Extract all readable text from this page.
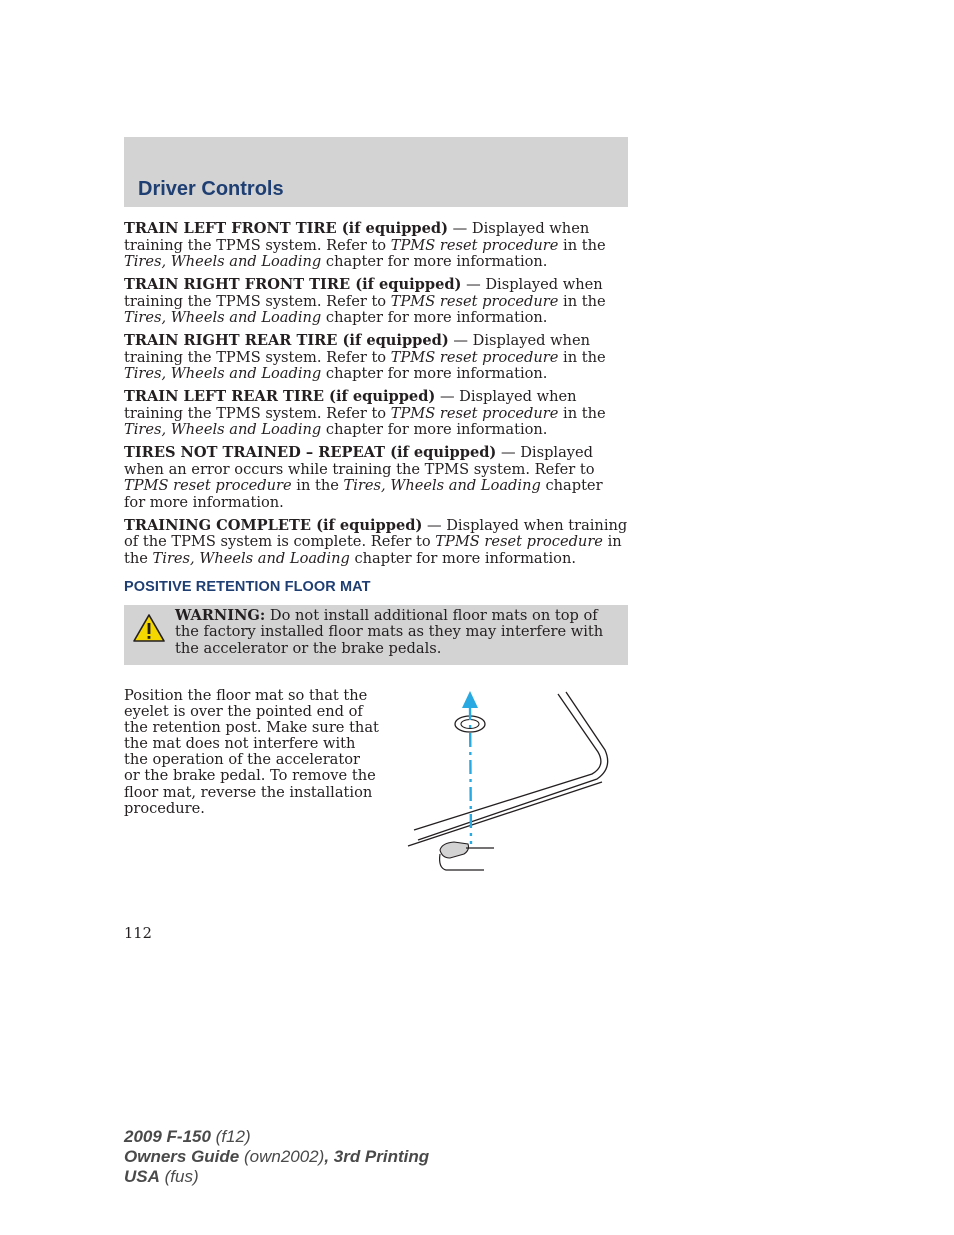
Driver Controls

TRAIN LEFT FRONT TIRE (if equipped) — Displayed when training the TPMS system. Refer to TPMS reset procedure in the Tires, Wheels and Loading chapter for more information.

TRAIN RIGHT FRONT TIRE (if equipped) — Displayed when training the TPMS system. Refer to TPMS reset procedure in the Tires, Wheels and Loading chapter for more information.

TRAIN RIGHT REAR TIRE (if equipped) — Displayed when training the TPMS system. Refer to TPMS reset procedure in the Tires, Wheels and Loading chapter for more information.

TRAIN LEFT REAR TIRE (if equipped) — Displayed when training the TPMS system. Refer to TPMS reset procedure in the Tires, Wheels and Loading chapter for more information.

TIRES NOT TRAINED – REPEAT (if equipped) — Displayed when an error occurs while training the TPMS system. Refer to TPMS reset procedure in the Tires, Wheels and Loading chapter for more information.

TRAINING COMPLETE (if equipped) — Displayed when training of the TPMS system is complete. Refer to TPMS reset procedure in the Tires, Wheels and Loading chapter for more information.

POSITIVE RETENTION FLOOR MAT

WARNING: Do not install additional floor mats on top of the factory installed floor mats as they may interfere with the accelerator or the brake pedals.

Position the floor mat so that the eyelet is over the pointed end of the retention post. Make sure that the mat does not interfere with the operation of the accelerator or the brake pedal. To remove the floor mat, reverse the installation procedure.

112

2009 F-150 (f12)
Owners Guide (own2002), 3rd Printing
USA (fus)
